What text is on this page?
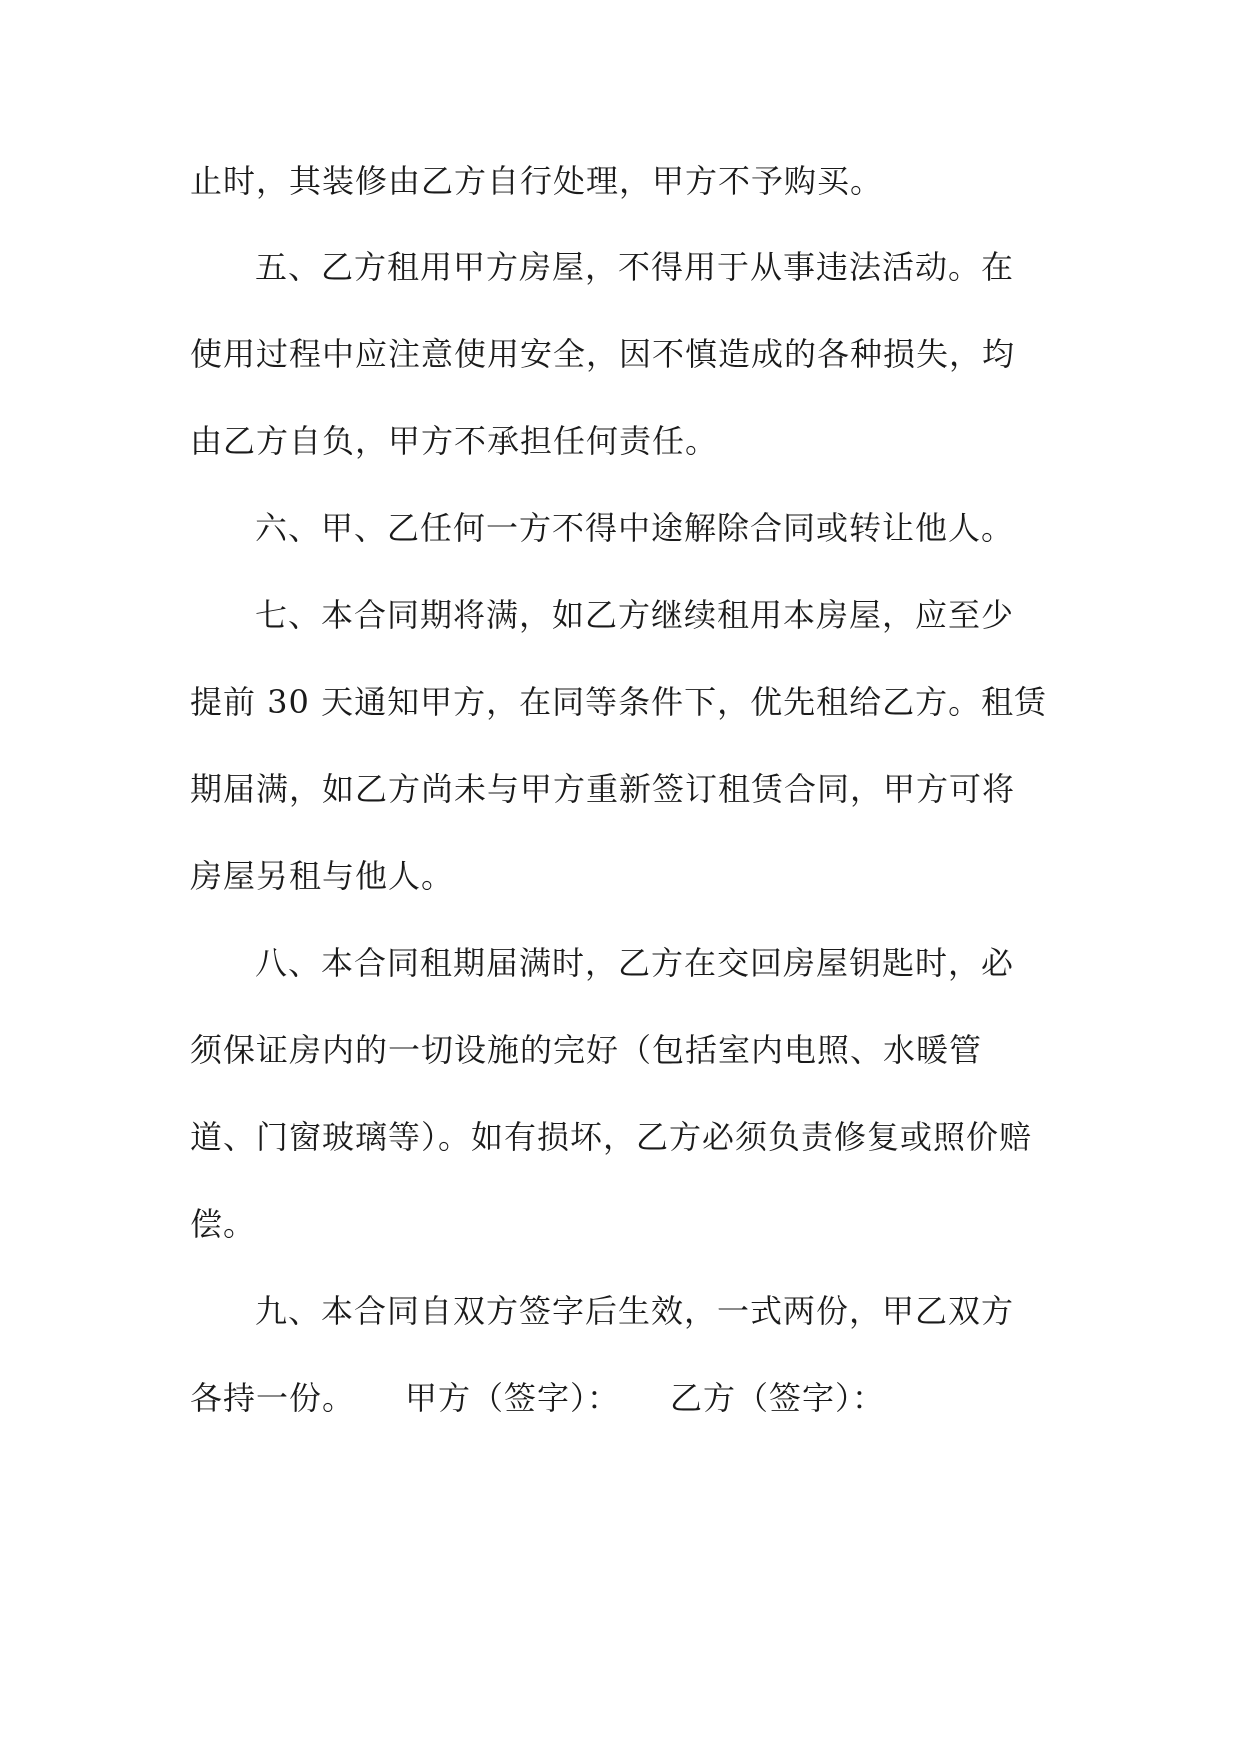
止时，其装修由乙方自行处理，甲方不予购买。
五、乙方租用甲方房屋，不得用于从事违法活动。在
使用过程中应注意使用安全，因不慎造成的各种损失，均
由乙方自负，甲方不承担任何责任。
六、甲、乙任何一方不得中途解除合同或转让他人。
七、本合同期将满，如乙方继续租用本房屋，应至少
提前 30 天通知甲方，在同等条件下，优先租给乙方。租赁
期届满，如乙方尚未与甲方重新签订租赁合同，甲方可将
房屋另租与他人。
八、本合同租期届满时，乙方在交回房屋钥匙时，必
须保证房内的一切设施的完好（包括室内电照、水暖管
道、门窗玻璃等）。如有损坏，乙方必须负责修复或照价赔
偿。
九、本合同自双方签字后生效，一式两份，甲乙双方
各持一份。　　甲方（签字）：　　乙方（签字）：
